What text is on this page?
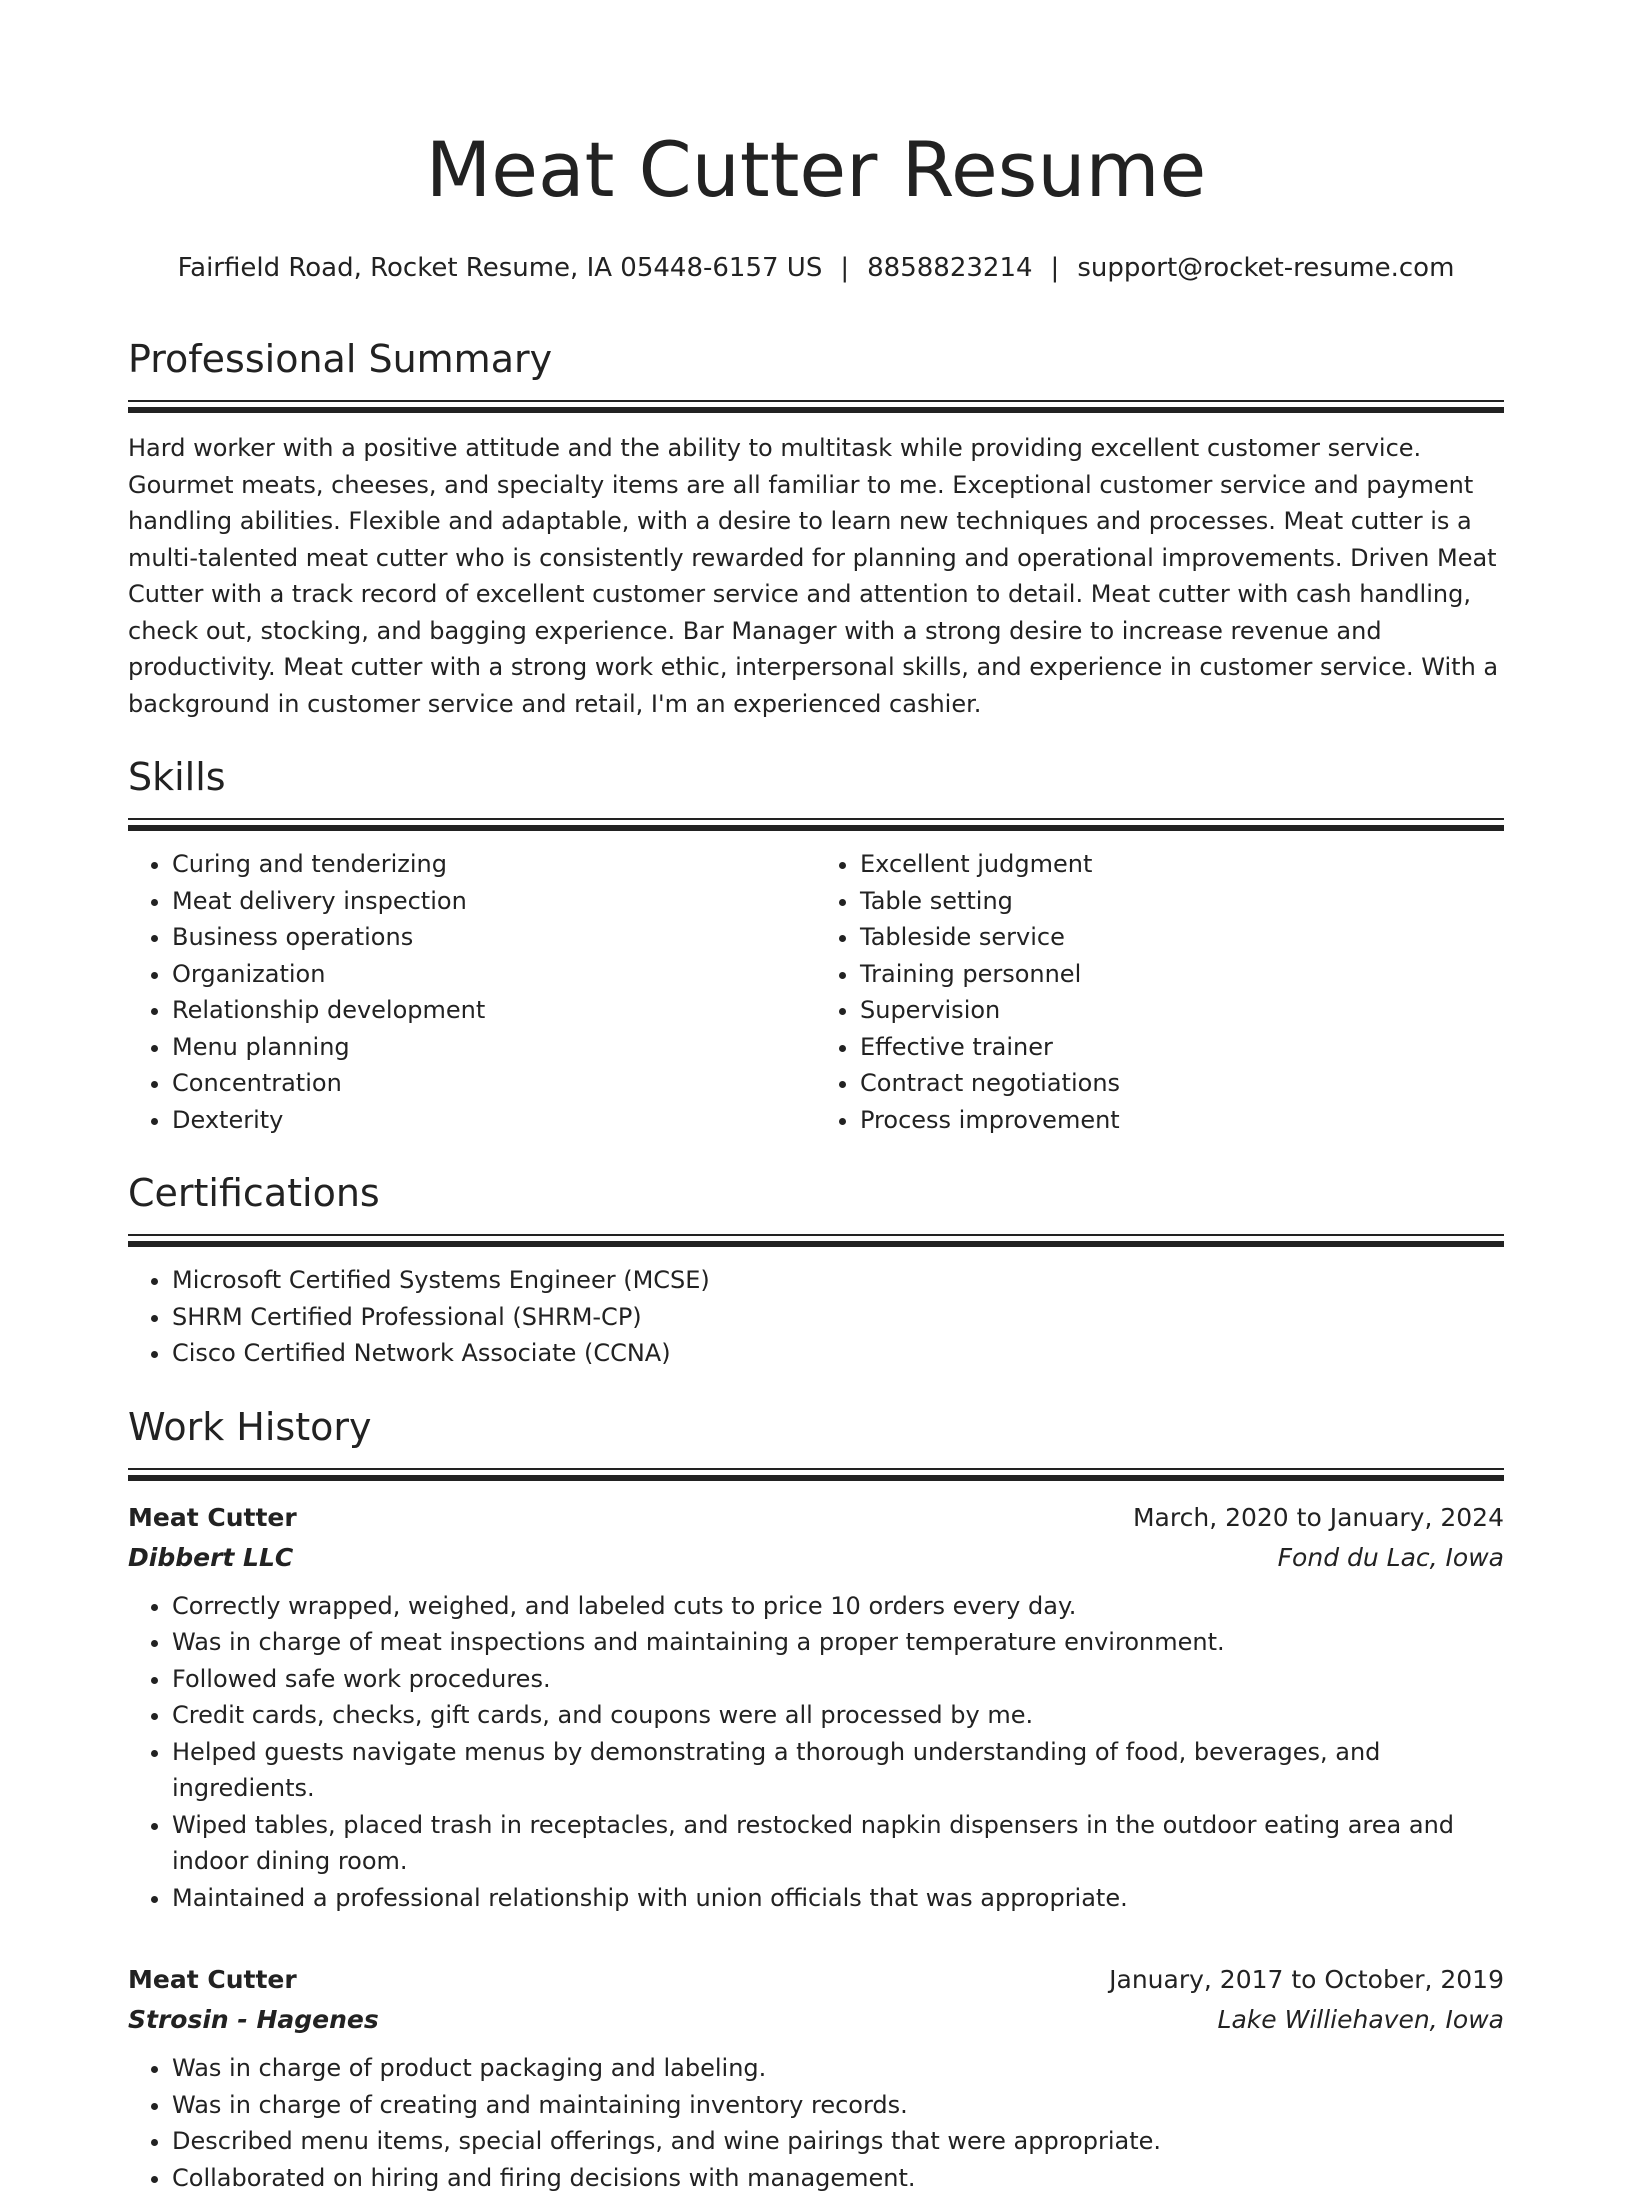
Meat Cutter Resume
Fairfield Road, Rocket Resume, IA 05448-6157 US | 8858823214 | support@rocket-resume.com
Professional Summary
Hard worker with a positive attitude and the ability to multitask while providing excellent customer service. Gourmet meats, cheeses, and specialty items are all familiar to me. Exceptional customer service and payment handling abilities. Flexible and adaptable, with a desire to learn new techniques and processes. Meat cutter is a multi-talented meat cutter who is consistently rewarded for planning and operational improvements. Driven Meat Cutter with a track record of excellent customer service and attention to detail. Meat cutter with cash handling, check out, stocking, and bagging experience. Bar Manager with a strong desire to increase revenue and productivity. Meat cutter with a strong work ethic, interpersonal skills, and experience in customer service. With a background in customer service and retail, I'm an experienced cashier.
Skills
• Curing and tenderizing
• Meat delivery inspection
• Business operations
• Organization
• Relationship development
• Menu planning
• Concentration
• Dexterity
• Excellent judgment
• Table setting
• Tableside service
• Training personnel
• Supervision
• Effective trainer
• Contract negotiations
• Process improvement
Certifications
• Microsoft Certified Systems Engineer (MCSE)
• SHRM Certified Professional (SHRM-CP)
• Cisco Certified Network Associate (CCNA)
Work History
Meat Cutter	March, 2020 to January, 2024
Dibbert LLC	Fond du Lac, Iowa
• Correctly wrapped, weighed, and labeled cuts to price 10 orders every day.
• Was in charge of meat inspections and maintaining a proper temperature environment.
• Followed safe work procedures.
• Credit cards, checks, gift cards, and coupons were all processed by me.
• Helped guests navigate menus by demonstrating a thorough understanding of food, beverages, and ingredients.
• Wiped tables, placed trash in receptacles, and restocked napkin dispensers in the outdoor eating area and indoor dining room.
• Maintained a professional relationship with union officials that was appropriate.
Meat Cutter	January, 2017 to October, 2019
Strosin - Hagenes	Lake Williehaven, Iowa
• Was in charge of product packaging and labeling.
• Was in charge of creating and maintaining inventory records.
• Described menu items, special offerings, and wine pairings that were appropriate.
• Collaborated on hiring and firing decisions with management.
